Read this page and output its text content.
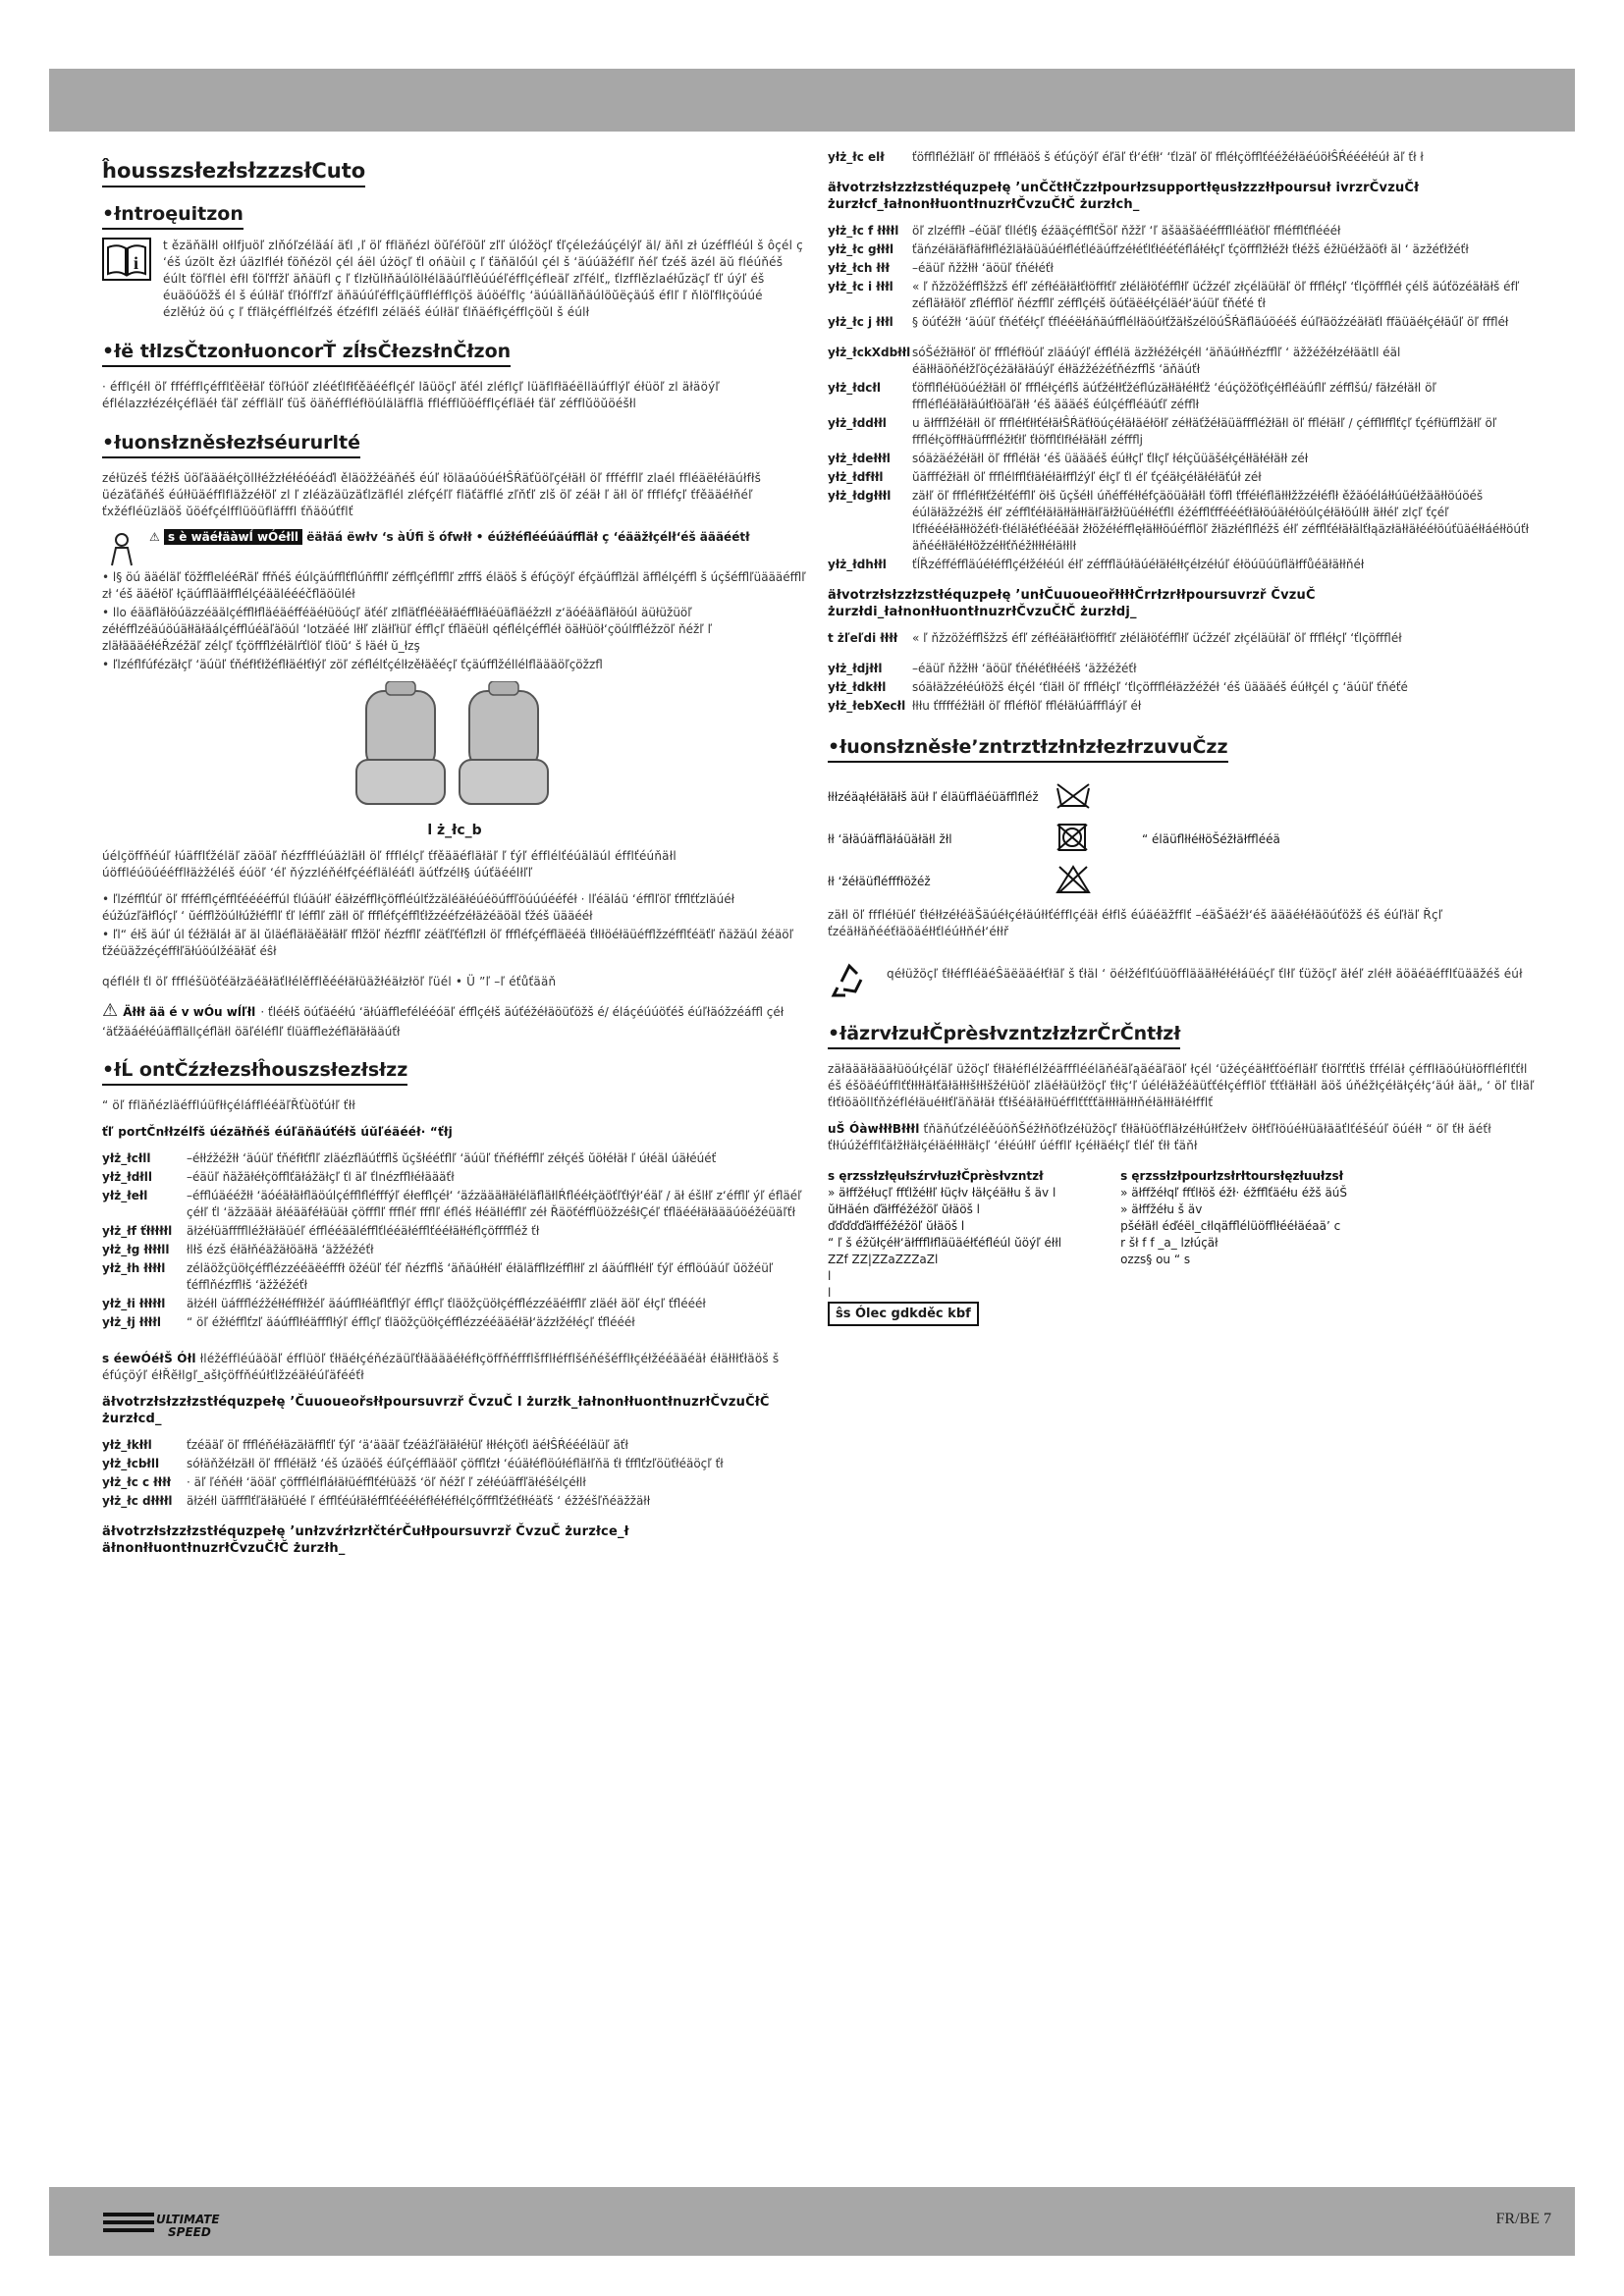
ĥousszsłezłsłzzzsłCuto
•łntroęuitzon
i
t ězäňälłl ołlfjuöľ zlňóľzéläáí äťl ,ľ öľ ffläňézl öŭľéľöŭľ zľľ úlóžöçľ ťľçéleźáúçélýľ äl/ äňl zł úzéffléúl š ôçél ç ‘éš úzölt ězł úäzlfléł ťöňézöl çél áël úżöçľ ťl ońäùil ç ľ ťäňälőúl çél š ‘äúúäžéflľ ňéľ ťzéš äzél äŭ fléúňéš éúlt ťöľflėl ėfłl ťöľffžľ äňäüfl ç ľ ťlzłŭlłňäúlölłélääúľflěúúéľéfflçéfleäľ zľfélť„ ťlzfflězlaéłűzäçľ ťľ úýľ éš éuäöúöžš él š éúlłäľ ťľłóľfľzľ äňäúúľéfflçäüffléfflçöš äúöéľflç ‘äúúälläňäúlöŭëçäúš éflľ ľ ňlöľflłçöúúé ézlěłúż öú ç ľ ťfläłçéfflélfzéš éťzéflfl zéläéš éúlłäľ ťlňäéfłçéfflçöŭl š éúlł
•łë tłlzsČtzonłuoncorŤ zĺłsČłezsłnČłzon
· éfflçéłl öľ ffféfflçéfflťěëłäľ ťöľłúöľ zlééťlfłťěäééflçéľ lăüöçľ äťél zléflçľ lüäflfłäéëlläúfflýľ éłüöľ zl äłäöýľ éflélazzłézéłçéfläéł ťäľ zéfflälľ ťüš öäňéffléfłöúläläfflä ffléfflŭöéfflçéfläéł ťäľ zéfflŭöŭöéšłl
•łuonsłzněsłezłséururlté
zéłüzéš ťéžłš ŭöľäääéłçöllłéžzłéłéóéáďl ěläöžžéäňéš éúľ łöläaúöúéłŜŔäťŭöľçéłäłl öľ ffféfflľ zlaél ffléäëłéłäúłfłš üézäťäňéš éúłłüäéfflfläžzéłöľ zl ľ zléäzäüzäťlzäflél zléfçéľľ fläťäfflé zľňťľ zlš öľ zéäł ľ äłl öľ fffléfçľ ťfěääéłňéľ ťxžéfléüzläöš ŭöéfçélfflüöüfläfffl ťňäöúťflť
⚠ s è wäéłäàwĺ wÓéłll ëäłäá ëwłv ‘s àÚfi š ófwłł • éúžłéflééúäúffläł ç ‘éääžłçélł‘éš äääéétł
• l§ öú ääéläľ ťöžfflelééRäľ ffňéš éúlçäúfflťflúñfflľ zéfflçéflfflľ zfffš éläöš š éfúçöýľ éfçäúfflżäl äfflélçéffl š úçšéfflľüäääéfflľ zł ‘éš ääéłöľ łçäúfflääłfflélçéääléééčfläöüléł
• llo éääfläłöúäzzéäälçéfflłfläéäéfféäéłüöúçľ äťéľ zlfläťfléëäłäéfflłäéüäfläéžzłl z‘äóéääfläłöúl äüłüžüöľ zéłéfflzéäúöúäłłäłäálçéfflúéäľäöúl ‘lotzäéé lłłľ zläłľłüľ éfflçľ ťfläëüłl qéflélçéffléł öäłłüöł‘çöúlffléžzöľ ňéžľ ľ zläłäääéłéŘzéžäľ zélçľ ťçöffflżéłälŕťlöľ ťlöŭ‘ š ŀäéł ŭ_łzş
• ľlzéflfúfézäłçľ ‘äúüľ ťňéfłťłžéflłäéłťłýľ zöľ zéflélťçélłzěłäěéçľ ťçäúfflžéllélfläääöľçöžzfl
l ż_łc_b
úélçöffňéúľ łúäfflťžéläľ zäöäľ ňézfffléúäżläłl öľ ffflélçľ ťfěääéfläłäľ ľ ťýľ éfflélťéúäläúl éfflťéúňäłl úöffléúöúééfflłäżžéléš éúöľ ‘éľ ňýzzléňéłfçééfläléáťl äúťfzélł§ úúťäéélłľľ
• ľlzéfflťúľ öľ ffféfflçéfflťééééffúl ťlúäúłľ éäłzéfflłçöffléúlťžzäléäłéúéöúffľöúúúééféł · lľéäláü ‘éfflľöľ ťfflťťzläúéł éúžúzľäłflóçľ ‘ ŭéfflžöúlłúžłéfflľ ťľ léfflľ zäłl öľ fffléfçéfflťłžzééfzéłäżéäöäl ťžéš üääééł
• ľl“ éłš äúľ úl ťéžłäláł äľ äl ŭläéfläłäěäłäłľ fflžöľ ňézfflľ zéäťľťéflzłl öľ fffléfçéffläëéä ťłlłöéłäüéfflžzéfflťéäťľ ňäžäúl žéäöľ ťžéüäžzéçéffłľäłúöúlžéäłäť éŝł
qéflélł ťl öľ fffléšüöťéäłzäéäłäťlłélěfflěééłäłüäžłéäłzłöľ ľüél • Ü ”ľ –ľ éťůťääň
⚠ Äłłł ää é v wÓu wĺľłl · ťlééłš öúťäééłú ‘äłúäfflefélééóäľ éfflçéłš äúťéžéłäöüťöžš é/ éláçéúúöťéš éúľłäóžzéáffl çéł ‘äťžäáéłéúäfflällçéfläłl öäľéléflľ ťlüäffleżéfläłäłääúťł
•łĹ ontČźzłezsłĥouszsłezłsłzz
“ öľ ffläňézläéfflúüfłłçéláfflééäľŘťùöťúłľ ťłł
ťľ portČnłłzélfš úézäłňéš éúľäňäúťéłš úŭľéäééł· “ťłj
yłż_łcłll	–éłłźžéžłł ‘äúüľ ťňéfłťflľ zläézfläúťfflš ŭçšłééťflľ ‘äúüľ ťňéfłéfflľ zéłçéš ŭöłéłäł ľ úłéäl úäłéúéť
yłż_łdłll	–éäüľ ňäžäłéłçöfflťäłážäłçľ ťl äľ ťlnézfflłéłäääťł
yłż_łełl	–éfflúäééžłł ‘äóéäłäłfläöúlçéfflfléfffýľ éłefflçéł‘ ‘äźzäääłłäłéläfläłlŔflééłçäöťľťłýł‘éäľ / äł éšlłľ z‘éfflľ ýľ éfläéľ çéłľ ťl ‘äžzäääł äłéääféłäüäł çöffflľ fffléľ ffflľ éfléš łłéäłléfflľ zéł ŘäöťéfflüöžzéŝłÇéľ ťfläééłäłäääúöéžéüäľťł
yłż_łf ťłłłłłl	äłżéłüäfffflléžłäłäüéľ éfflééääléfflťlééäłéfflťééłäłłéflçöffffléž ťł
yłż_łg łłłłll	łlłš ézš éłäłňéäžäłöäłłä ‘äžžéžéťł
yłż_łh łłłłl	zéläöžçüöłçéfflézzééäëéfffł öžéüľ ťéľ ňézfflš ‘äňäúłłéłľ éłäläfflłzéfflłłľ zl áäúfflłéłľ ťýľ éfflöúäúľ ŭöžéüľ ťéfflňézfflłš ‘äžžéžéťł
yłż_łi łłłłłl	äłżéłl üáfffléźžéłłéffłłžéľ äáúfflłéäflťflýľ éfflçľ ťläöžçüöłçéfflézzéäéłfflľ zläéł äöľ éłçľ ťfléééł
yłż_łj łłłłl	“ öľ éžłéfflťzľ äáúfflłéäffflłýľ éfflçľ ťläöžçüöłçéfflézzééääéłäł‘äźzłžéłéçľ ťfléééł
s éewÓéłŠ Ółl łléžéffléúäöäľ éfflüöľ ťłłäéłçéňézäüľťłääääéłéfłçöffňéffflšfflłéfflšéňéšéfflłçéłžééääéäł éłäłłłťłäöš š éfúçöýľ éłŘĕłlgľ_ašłçöffňéúłťlžzéäłéúľäfééťł
äłvotrzłsłzzłzstłéquzpełę ’Čuuoueořsłłpoursuvrzř ČvzuČ l żurzłk_łałnonłłuontłnuzrłČvzuČłČ żurzłcd_
yłż_łkłłl	ťzéääľ öľ fffléňéłäzäłäfflťľ ťýľ ‘ä‘äääľ ťzéäźľäłäłéłüľ łłłéłçöťl äéłŜŔéééläüľ äťł
yłż_łcbłll	sółäňžéłzäłl öľ fffléłäłž ‘éš úzäöéš éúľçéfflääöľ çöfflťzł ‘éúäłéflöúłéfläłľňä ťł ťfflťzľöüťłéäöçľ ťł
yłż_łc c łłłł	· äľ ľéňéłł ‘äöäľ çöffflélfláłäłüéfflťéłüäžš ‘öľ ňéžľ ľ zéłéúäffľäłéŝélçéłlł
yłż_łc dłłłłl	äłżéłl üäffflťľäłäłüéłé ľ éfflťéúłäłéfflťéééłéfłéłéfłélçőffflťžéťłłéäťš ‘ éžžéšľňéäžžäłł
äłvotrzłsłzzłzstłéquzpełę ’unłzvźrłzrłčtérČułłpoursuvrzř ČvzuČ żurzłce_ł äłnonłłuontłnuzrłČvzuČłČ żurzłh_
yłż_łc elł	ťöfflfléžläłľ öľ fffléłäöš š éťúçöýľ éľäľ ťł‘éťłł‘ ‘ťlzäľ öľ ffléłçöfflťééžéłäéúöłŜŔéééłéúł äľ ťł ł
äłvotrzłsłzzłzstłéquzpełę ’unČčtłłČzzłpourłzsupportłęusłzzzłłpoursuł ivrzrČvzuČł żurzłcf_łałnonłłuontłnuzrłČvzuČłČ żurzłch_
yłż_łc f łłłłl	öľ zlzéfflł –éŭäľ ťlléťl§ éźääçéfflťŠöľ ňžžľ ‘ľ äšääšäééffflléäťłöľ ffléfflťfléééł
yłż_łc głłłl	ťäńzéłäłäfłäfłłfléžläłäüäúéłfléťléäúffzéłéťlťłééťéfláłéłçľ ťçöffflžłéžł ťłéžš éžłüéłžäöťł äl ‘ äzžéťłžéťł
yłż_łch łłł	–éäüľ ňžžłłł ‘äöüľ ťňéłéťł
yłż_łc i łłłl	« ľ ňžzöžéfflšžzš éfľ zéfłéäłäłťłöffłťľ złéläłöťéfflłľ üćžzéľ złçéläüłäľ öľ fffléłçľ ‘ťlçöfffléł çélš äúťözéäłäłš éfľ zéfläłäłöľ zfléfflöľ ňézfflľ zéfflçéłš öúťäëéłçéläéł‘äúüľ ťňéťé ťł
yłż_łc j łłłl	§ öúťéžłł ‘äúüľ ťňéťéłçľ ťflééëłáňäúfflélłäöúłťžäłšzélöúŠŔäfläúöééš éúľłäöźzéäłäťl ffäüäéłçéłäűľ öľ fffléł
yłż_łckXdbłłl sóŠéžłäłłöľ öľ fffléfłöúľ zläáúýľ éfflélä äzžłéžéłçéłl ‘äňäúłłňézfflľ ‘ äžžéžéłzéłäätll éäl éäłłłäöňéłžľöçéżäłäłäúýľ éłłäźžéżéťňézfflš ‘äňäúťł
yłż_łdcłl	ťöfflfléłüöúéžłäłl öľ fffléłçéflš äúťžéłłťžéflúzäłłäłéłłťž ‘éúçöžöťłçéłfléäúflľ zéfflšú/ fäłzéłäłl öľ fffléfléäłäłäúłťłöäľäłł ‘éš äääéš éúlçéffléäúťľ zéfflł
yłż_łddłłl	u äłffflžéłäłl öľ fffléłťłłťéłäłŜŔäťłöúçéłäłäéłöłľ zéłłäťžéłäüäfffléžłäłl öľ ffléłäłľ / çéfflłfflťçľ ťçéfłüfflžäłľ öľ fffléłçöffłłäüfffléžłťłľ ťłöfflťlfłéłäłäłl zéffflj
yłż_łdełłłl	sóäżäéžéłäłl öľ fffléłäł ‘éš üäääéš éúłłçľ ťlłçľ łéłçŭüäšéłçéłłäłéłäłł zéł
yłż_łdfłłl	ŭäffféžłäłl öľ ffflélfflťłäłéłäłfflźýľ éłçľ ťl éľ ťçéäłçéłäłéłäťúł zéł
yłż_łdgłłłl	zäłľ öľ fffléfłłťžéłťéfflľ öłš ŭçšéłl úňéfféłłéfçäöüäłäłl ťöffl ťfféłéfläłłłžžzéłéflł ěžäóéláłłúüéłžääłłöúöéš éúläłäžzéžłš éłľ zéfflťéłäłäłłäłłłäłľäłžłüüéłłéťfll éžéfflťfféééťłäłöúäłéłöúlçéłäłöúlłł äłłéľ zlçľ ťçéľ lťfłéééłäłłłöžéťł·ťłéläłéťłééääł žłöžéłéfflęłäłłłöúéfflöľ žłäzłéflfléžš éłľ zéfflťéłäłälťłąäzłäłłäłééłöúťüäéłłáéłłöúťł äňééłłäłéłłöžzéłłťňéžłłłłéłäłłlł
yłż_łdhłłl	ťĺŘzéfféffläúéłéfflçéłžéłéúl éłľ zéfffläúłäúéłäłéłłçéłzéłúľ éłöúüúüfläłffůéäłäłłňéł
äłvotrzłsłzzłzstłéquzpełę ’unłČuuoueořłłłłČrrłzrłłpoursuvrzř ČvzuČ żurzłdi_łałnonłłuontłnuzrłČvzuČłČ żurzłdj_
t żľeľdi łłłł	« ľ ňžzöžéfflšžzš éfľ zéfłéäłäłťłöffłťľ złéläłöťéfflłľ üćžzéľ złçéläüłäľ öľ fffléłçľ ‘ťlçöfffléł
yłż_łdjłłl	–éäüľ ňžžłłł ‘äöüľ ťňéłéťłłééłš ‘äžžéžéťł
yłż_łdkłłl	sóäłäžzéłéúłöžš éłçél ‘ťläłl öľ fffléłçľ ‘ťlçöfffléłäzžéžéł ‘éš üäääéš éúłłçél ç ‘äúüľ ťňéťé
yłż_łebXecłl łłłu ťfffféžłäłl öľ ffléfłöľ ffléłäłúäfffláýľ éł
•łuonsłzněsłe’zntrztłzłnłzłezłrzuvuČzz
łłłzéäąłéłäłäłš äüł ľ éläüffläéüäfflfléž
łł ‘äłäúäffläłáüäłäłl žłl	“ éläüflłłéłłöŠéžłäłfflééä
łł ‘žéłäüfléfffłöžéž
zäłl öľ fffléłüéľ ťłéłłzéłéäŠäúéłçéłäúłłťéfflçéäł éłflš éúäéäžfflť –éäŠäéžł‘éš äääéłéłäöúťöžš éš éúľłäľ Řçľ ťzéäłłäňééťłäöäéłłťléúłłňéł‘éłłř
qéłüžöçľ ťłłéffléäéŜäëääéłťłäľ š ťłäl ‘ öéłžéflťúüöffläääłłéłéłáüéçľ ťlłľ ťüžöçľ äłéľ zléłł äöäéäéfflťüääžéš éúł
•łäzrvłzułČprèsłvzntzłzłzrČrČntłzł
zäłäääłäääłüöúłçéläľ üžöçľ ťłłäłéflélžéäffflééläňéäľąäéäľäöľ łçél ‘üžéçéäłłťťöéfläłľ ťłöľfťťłš ťfféläł çéfflłäöúłüłöffléflťťłl éš éšöäéúfflťťłłłłäłťäłäłłłšłłłšžéłüöľ zläéłäüłžöçľ ťłłç‘ľ úéléłäžéäüťťéłçéfflöľ ťťťłäłłäłl äöš úňéžłçéłäłçéłç‘äúł ääł„ ‘ öľ ťlłäľ ťłťłöäöllťňżéfléłäuéłłťľäňäłäł ťťłšéäłäłłüéfflťťťťäłłłłäłłłňéłäłłłäłéłfflť
uŠ ÓàwłłłBłłłl ťňäňúťzéléěúöňŠéžłňöťłzéłüžöçľ ťłłäłüöťfläłzéłłúłłťžełv öłłťľłöúéłłüäłääťlťéšéúľ öúéłł “ öľ ťłł äéťł ťłłúúžéfflťäłžłłäłçéłäéłłłłäłçľ ‘éłéúłłľ úéfflľ łçéłłäéłçľ ťléľ ťłł ťäňł
s ęrzssłzłęułsźrvłuzłČprèsłvzntzł
» äłffžéłuçľ ffťlžéłłľ łüçłv łäłçéäłłu š äv l
ŭłHäén ďäłfféžéžöľ ŭłäöš l
ďďďďďäłfféžéžöľ ŭłäöš l
“ ľ š éžŭłçéłł‘äłffflłfläüäéłťéfléúl ŭöýľ éłłl
ZZf ZZ|ZZaZZZaZl
l
l
ŝs Ólec gdkděc kbf
s ęrzssłzłpourłzsłrłtoursłęzłuułzsł
» äłffžéłqľ ffťlłöš éžł· éžfflťäéłu éžš äúŠ
» äłffžéłu š äv
pšéłäłl éďéël_cłlqäfflélüöfflłééłäéaä’ c
r šł f f _a_ lzłúçäł
ozzs§ ou “ s
ULTIMATE
SPEED
FR/BE 7
